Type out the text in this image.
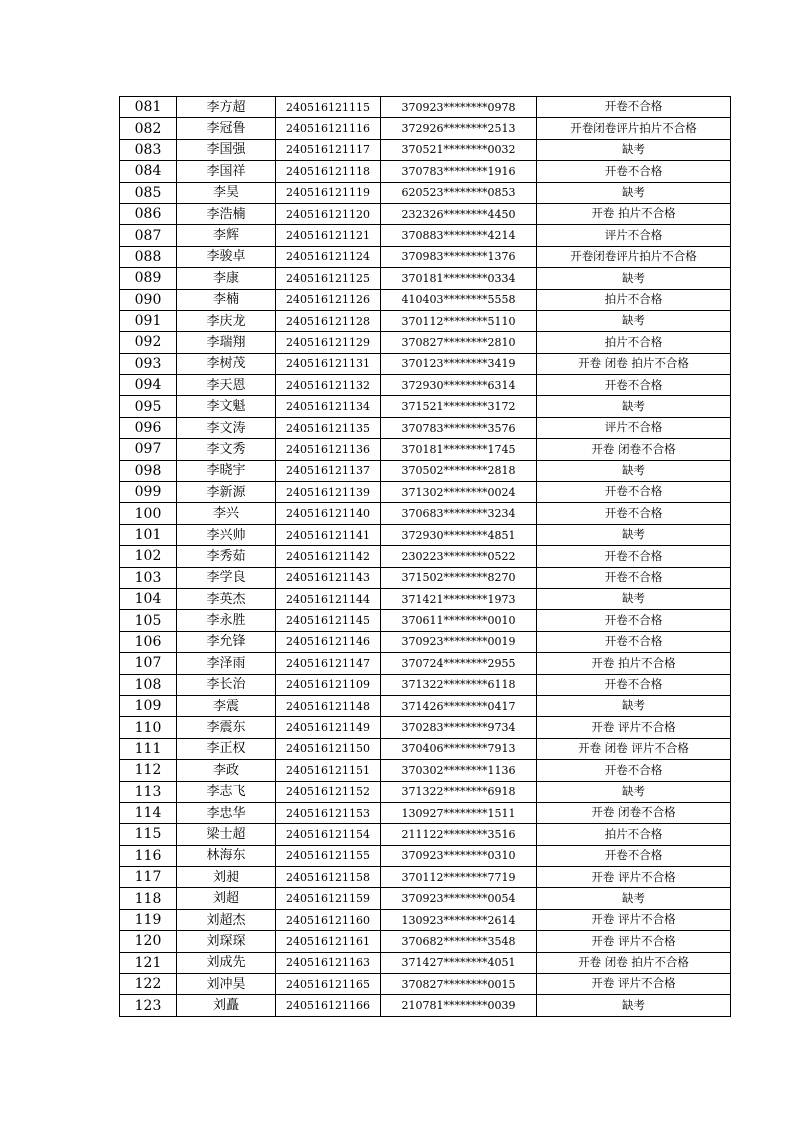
081	李方超	240516121115	370923********0978	开卷不合格
082	李冠鲁	240516121116	372926********2513	开卷闭卷评片拍片不合格
083	李国强	240516121117	370521********0032	缺考
084	李国祥	240516121118	370783********1916	开卷不合格
085	李昊	240516121119	620523********0853	缺考
086	李浩楠	240516121120	232326********4450	开卷 拍片不合格
087	李辉	240516121121	370883********4214	评片不合格
088	李骏卓	240516121124	370983********1376	开卷闭卷评片拍片不合格
089	李康	240516121125	370181********0334	缺考
090	李楠	240516121126	410403********5558	拍片不合格
091	李庆龙	240516121128	370112********5110	缺考
092	李瑞翔	240516121129	370827********2810	拍片不合格
093	李树茂	240516121131	370123********3419	开卷 闭卷 拍片不合格
094	李天恩	240516121132	372930********6314	开卷不合格
095	李文魁	240516121134	371521********3172	缺考
096	李文涛	240516121135	370783********3576	评片不合格
097	李文秀	240516121136	370181********1745	开卷 闭卷不合格
098	李晓宇	240516121137	370502********2818	缺考
099	李新源	240516121139	371302********0024	开卷不合格
100	李兴	240516121140	370683********3234	开卷不合格
101	李兴帅	240516121141	372930********4851	缺考
102	李秀茹	240516121142	230223********0522	开卷不合格
103	李学良	240516121143	371502********8270	开卷不合格
104	李英杰	240516121144	371421********1973	缺考
105	李永胜	240516121145	370611********0010	开卷不合格
106	李允锋	240516121146	370923********0019	开卷不合格
107	李泽雨	240516121147	370724********2955	开卷 拍片不合格
108	李长治	240516121109	371322********6118	开卷不合格
109	李震	240516121148	371426********0417	缺考
110	李震东	240516121149	370283********9734	开卷 评片不合格
111	李正权	240516121150	370406********7913	开卷 闭卷 评片不合格
112	李政	240516121151	370302********1136	开卷不合格
113	李志飞	240516121152	371322********6918	缺考
114	李忠华	240516121153	130927********1511	开卷 闭卷不合格
115	梁士超	240516121154	211122********3516	拍片不合格
116	林海东	240516121155	370923********0310	开卷不合格
117	刘昶	240516121158	370112********7719	开卷 评片不合格
118	刘超	240516121159	370923********0054	缺考
119	刘超杰	240516121160	130923********2614	开卷 评片不合格
120	刘琛琛	240516121161	370682********3548	开卷 评片不合格
121	刘成先	240516121163	371427********4051	开卷 闭卷 拍片不合格
122	刘冲昊	240516121165	370827********0015	开卷 评片不合格
123	刘矗	240516121166	210781********0039	缺考
